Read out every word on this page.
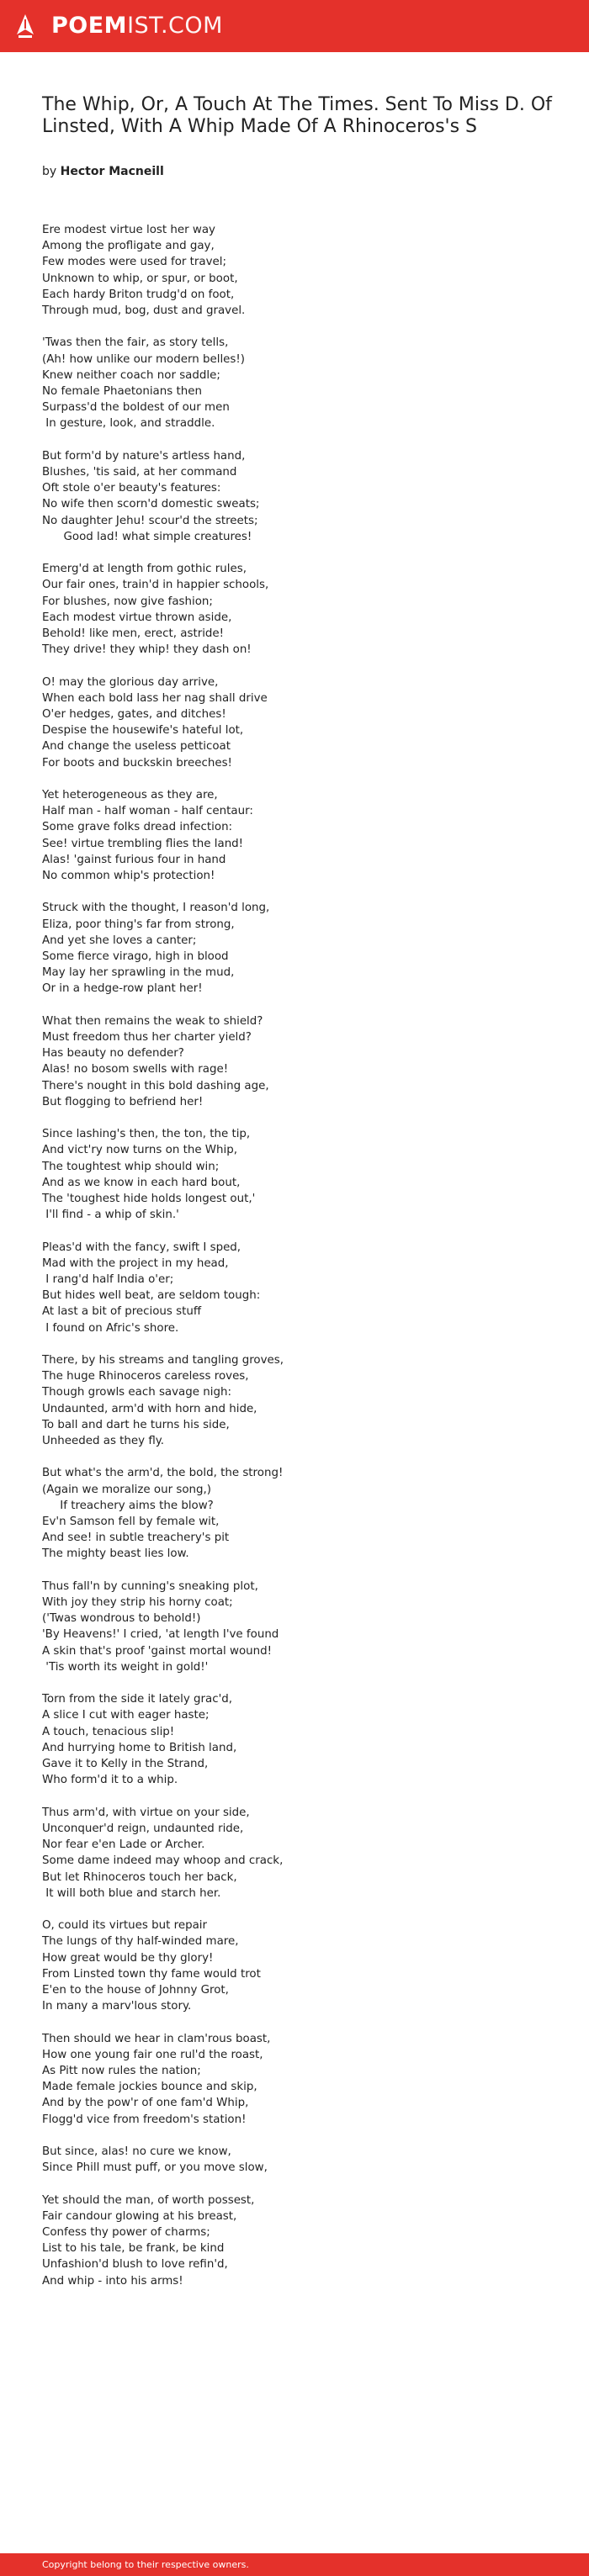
POEMIST.COM
The Whip, Or, A Touch At The Times. Sent To Miss D. Of Linsted, With A Whip Made Of A Rhinoceros's S
by Hector Macneill
Ere modest virtue lost her way
Among the profligate and gay,
Few modes were used for travel;
Unknown to whip, or spur, or boot,
Each hardy Briton trudg'd on foot,
Through mud, bog, dust and gravel.
'Twas then the fair, as story tells,
(Ah! how unlike our modern belles!)
Knew neither coach nor saddle;
No female Phaetonians then
Surpass'd the boldest of our men
In gesture, look, and straddle.
But form'd by nature's artless hand,
Blushes, 'tis said, at her command
Oft stole o'er beauty's features:
No wife then scorn'd domestic sweats;
No daughter Jehu! scour'd the streets;
Good lad! what simple creatures!
Emerg'd at length from gothic rules,
Our fair ones, train'd in happier schools,
For blushes, now give fashion;
Each modest virtue thrown aside,
Behold! like men, erect, astride!
They drive! they whip! they dash on!
O! may the glorious day arrive,
When each bold lass her nag shall drive
O'er hedges, gates, and ditches!
Despise the housewife's hateful lot,
And change the useless petticoat
For boots and buckskin breeches!
Yet heterogeneous as they are,
Half man - half woman - half centaur:
Some grave folks dread infection:
See! virtue trembling flies the land!
Alas! 'gainst furious four in hand
No common whip's protection!
Struck with the thought, I reason'd long,
Eliza, poor thing's far from strong,
And yet she loves a canter;
Some fierce virago, high in blood
May lay her sprawling in the mud,
Or in a hedge-row plant her!
What then remains the weak to shield?
Must freedom thus her charter yield?
Has beauty no defender?
Alas! no bosom swells with rage!
There's nought in this bold dashing age,
But flogging to befriend her!
Since lashing's then, the ton, the tip,
And vict'ry now turns on the Whip,
The toughtest whip should win;
And as we know in each hard bout,
The 'toughest hide holds longest out,'
I'll find - a whip of skin.'
Pleas'd with the fancy, swift I sped,
Mad with the project in my head,
I rang'd half India o'er;
But hides well beat, are seldom tough:
At last a bit of precious stuff
I found on Afric's shore.
There, by his streams and tangling groves,
The huge Rhinoceros careless roves,
Though growls each savage nigh:
Undaunted, arm'd with horn and hide,
To ball and dart he turns his side,
Unheeded as they fly.
But what's the arm'd, the bold, the strong!
(Again we moralize our song,)
If treachery aims the blow?
Ev'n Samson fell by female wit,
And see! in subtle treachery's pit
The mighty beast lies low.
Thus fall'n by cunning's sneaking plot,
With joy they strip his horny coat;
('Twas wondrous to behold!)
'By Heavens!' I cried, 'at length I've found
A skin that's proof 'gainst mortal wound!
'Tis worth its weight in gold!'
Torn from the side it lately grac'd,
A slice I cut with eager haste;
A touch, tenacious slip!
And hurrying home to British land,
Gave it to Kelly in the Strand,
Who form'd it to a whip.
Thus arm'd, with virtue on your side,
Unconquer'd reign, undaunted ride,
Nor fear e'en Lade or Archer.
Some dame indeed may whoop and crack,
But let Rhinoceros touch her back,
It will both blue and starch her.
O, could its virtues but repair
The lungs of thy half-winded mare,
How great would be thy glory!
From Linsted town thy fame would trot
E'en to the house of Johnny Grot,
In many a marv'lous story.
Then should we hear in clam'rous boast,
How one young fair one rul'd the roast,
As Pitt now rules the nation;
Made female jockies bounce and skip,
And by the pow'r of one fam'd Whip,
Flogg'd vice from freedom's station!
But since, alas! no cure we know,
Since Phill must puff, or you move slow,
Yet should the man, of worth possest,
Fair candour glowing at his breast,
Confess thy power of charms;
List to his tale, be frank, be kind
Unfashion'd blush to love refin'd,
And whip - into his arms!
Copyright belong to their respective owners.
